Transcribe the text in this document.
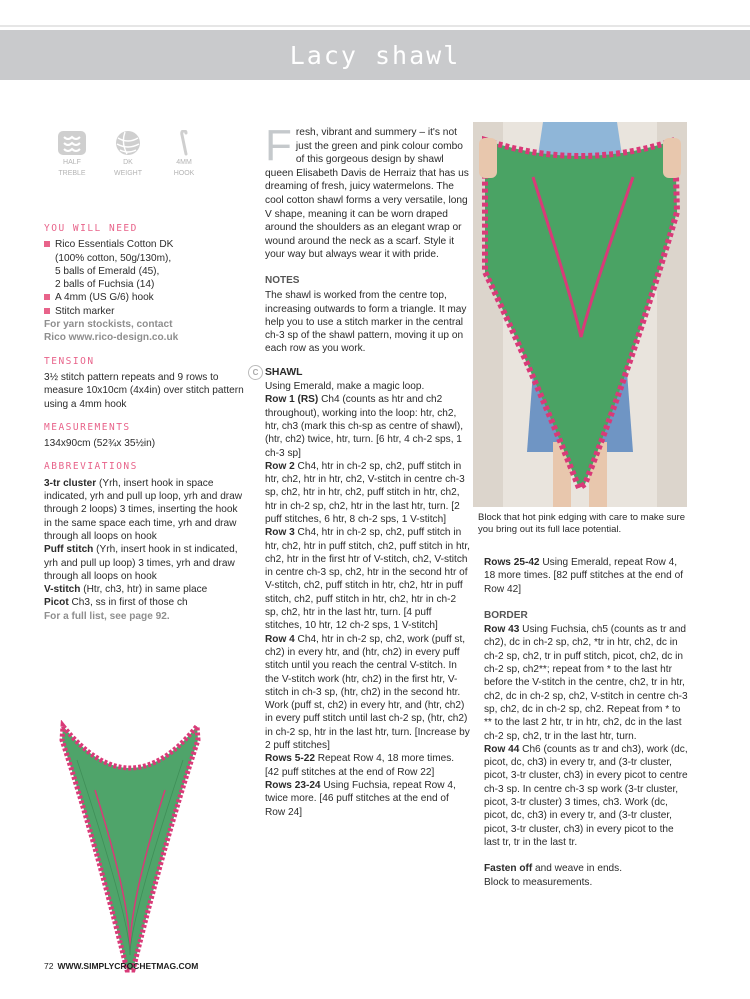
Lacy shawl
HALF
TREBLE
DK
WEIGHT
4MM
HOOK
YOU WILL NEED
Rico Essentials Cotton DK
(100% cotton, 50g/130m),
5 balls of Emerald (45),
2 balls of Fuchsia (14)
A 4mm (US G/6) hook
Stitch marker
For yarn stockists, contact
Rico www.rico-design.co.uk
TENSION

3½ stitch pattern repeats and 9 rows to measure 10x10cm (4x4in) over stitch pattern using a 4mm hook

MEASUREMENTS

134x90cm (52¾x 35½in)

ABBREVIATIONS

3-tr cluster (Yrh, insert hook in space indicated, yrh and pull up loop, yrh and draw through 2 loops) 3 times, inserting the hook in the same space each time, yrh and draw through all loops on hook

Puff stitch (Yrh, insert hook in st indicated, yrh and pull up loop) 3 times, yrh and draw through all loops on hook

V-stitch (Htr, ch3, htr) in same place

Picot Ch3, ss in first of those ch

For a full list, see page 92.

Fresh, vibrant and summery – it's not just the green and pink colour combo of this gorgeous design by shawl queen Elisabeth Davis de Herraiz that has us dreaming of fresh, juicy watermelons. The cool cotton shawl forms a very versatile, long V shape, meaning it can be worn draped around the shoulders as an elegant wrap or wound around the neck as a scarf. Style it your way but always wear it with pride.

NOTES

The shawl is worked from the centre top, increasing outwards to form a triangle. It may help you to use a stitch marker in the central ch-3 sp of the shawl pattern, moving it up on each row as you work.

C SHAWL

Using Emerald, make a magic loop.

Row 1 (RS) Ch4 (counts as htr and ch2 throughout), working into the loop: htr, ch2, htr, ch3 (mark this ch-sp as centre of shawl), (htr, ch2) twice, htr, turn. [6 htr, 4 ch-2 sps, 1 ch-3 sp]

Row 2 Ch4, htr in ch-2 sp, ch2, puff stitch in htr, ch2, htr in htr, ch2, V-stitch in centre ch-3 sp, ch2, htr in htr, ch2, puff stitch in htr, ch2, htr in ch-2 sp, ch2, htr in the last htr, turn. [2 puff stitches, 6 htr, 8 ch-2 sps, 1 V-stitch]

Row 3 Ch4, htr in ch-2 sp, ch2, puff stitch in htr, ch2, htr in puff stitch, ch2, puff stitch in htr, ch2, htr in the first htr of V-stitch, ch2, V-stitch in centre ch-3 sp, ch2, htr in the second htr of V-stitch, ch2, puff stitch in htr, ch2, htr in puff stitch, ch2, puff stitch in htr, ch2, htr in ch-2 sp, ch2, htr in the last htr, turn. [4 puff stitches, 10 htr, 12 ch-2 sps, 1 V-stitch]

Row 4 Ch4, htr in ch-2 sp, ch2, work (puff st, ch2) in every htr, and (htr, ch2) in every puff stitch until you reach the central V-stitch. In the V-stitch work (htr, ch2) in the first htr, V-stitch in ch-3 sp, (htr, ch2) in the second htr. Work (puff st, ch2) in every htr, and (htr, ch2) in every puff stitch until last ch-2 sp, (htr, ch2) in ch-2 sp, htr in the last htr, turn. [Increase by 2 puff stitches]

Rows 5-22 Repeat Row 4, 18 more times. [42 puff stitches at the end of Row 22]

Rows 23-24 Using Fuchsia, repeat Row 4, twice more. [46 puff stitches at the end of Row 24]

Block that hot pink edging with care to make sure you bring out its full lace potential.

Rows 25-42 Using Emerald, repeat Row 4, 18 more times. [82 puff stitches at the end of Row 42]

BORDER

Row 43 Using Fuchsia, ch5 (counts as tr and ch2), dc in ch-2 sp, ch2, *tr in htr, ch2, dc in ch-2 sp, ch2, tr in puff stitch, picot, ch2, dc in ch-2 sp, ch2**; repeat from * to the last htr before the V-stitch in the centre, ch2, tr in htr, ch2, dc in ch-2 sp, ch2, V-stitch in centre ch-3 sp, ch2, dc in ch-2 sp, ch2. Repeat from * to ** to the last 2 htr, tr in htr, ch2, dc in the last ch-2 sp, ch2, tr in the last htr, turn.

Row 44 Ch6 (counts as tr and ch3), work (dc, picot, dc, ch3) in every tr, and (3-tr cluster, picot, 3-tr cluster, ch3) in every picot to centre ch-3 sp. In centre ch-3 sp work (3-tr cluster, picot, 3-tr cluster) 3 times, ch3. Work (dc, picot, dc, ch3) in every tr, and (3-tr cluster, picot, 3-tr cluster, ch3) in every picot to the last tr, tr in the last tr.

Fasten off and weave in ends.

Block to measurements.

72 WWW.SIMPLYCROCHETMAG.COM
